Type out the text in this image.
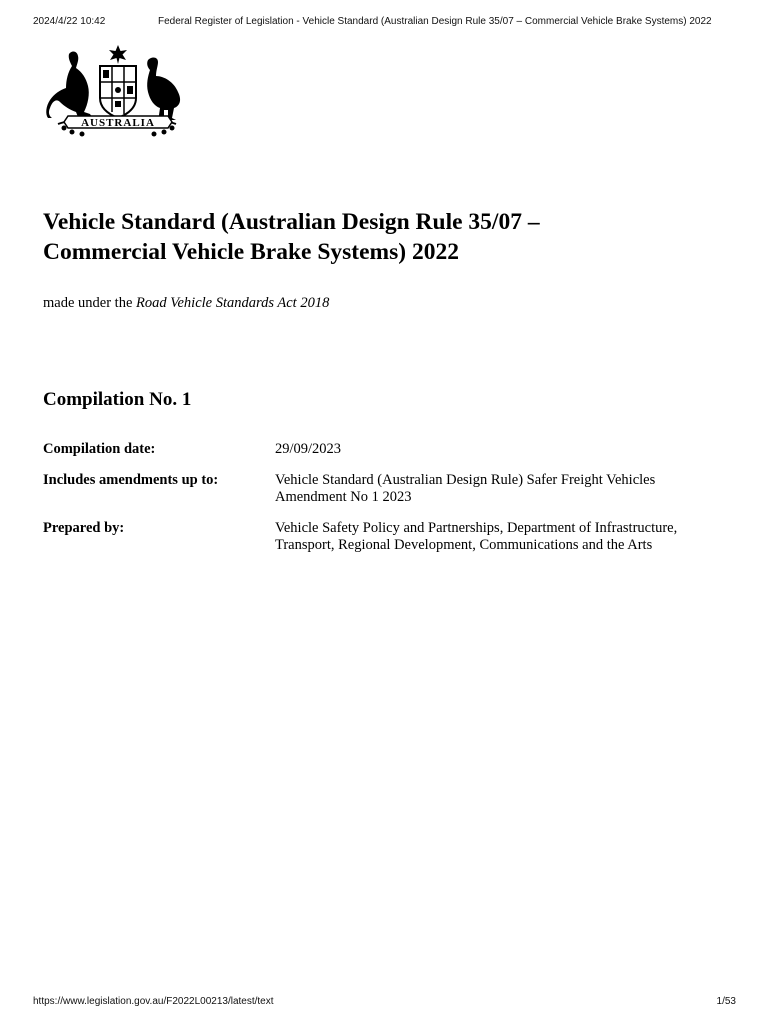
2024/4/22 10:42	Federal Register of Legislation - Vehicle Standard (Australian Design Rule 35/07 – Commercial Vehicle Brake Systems) 2022
AUSTRALIA
Vehicle Standard (Australian Design Rule 35/07 –
Commercial Vehicle Brake Systems) 2022
made under the Road Vehicle Standards Act 2018
Compilation No. 1
Compilation date:	29/09/2023
Includes amendments up to:	Vehicle Standard (Australian Design Rule) Safer Freight Vehicles Amendment No 1 2023
Prepared by:	Vehicle Safety Policy and Partnerships, Department of Infrastructure, Transport, Regional Development, Communications and the Arts
https://www.legislation.gov.au/F2022L00213/latest/text	1/53
